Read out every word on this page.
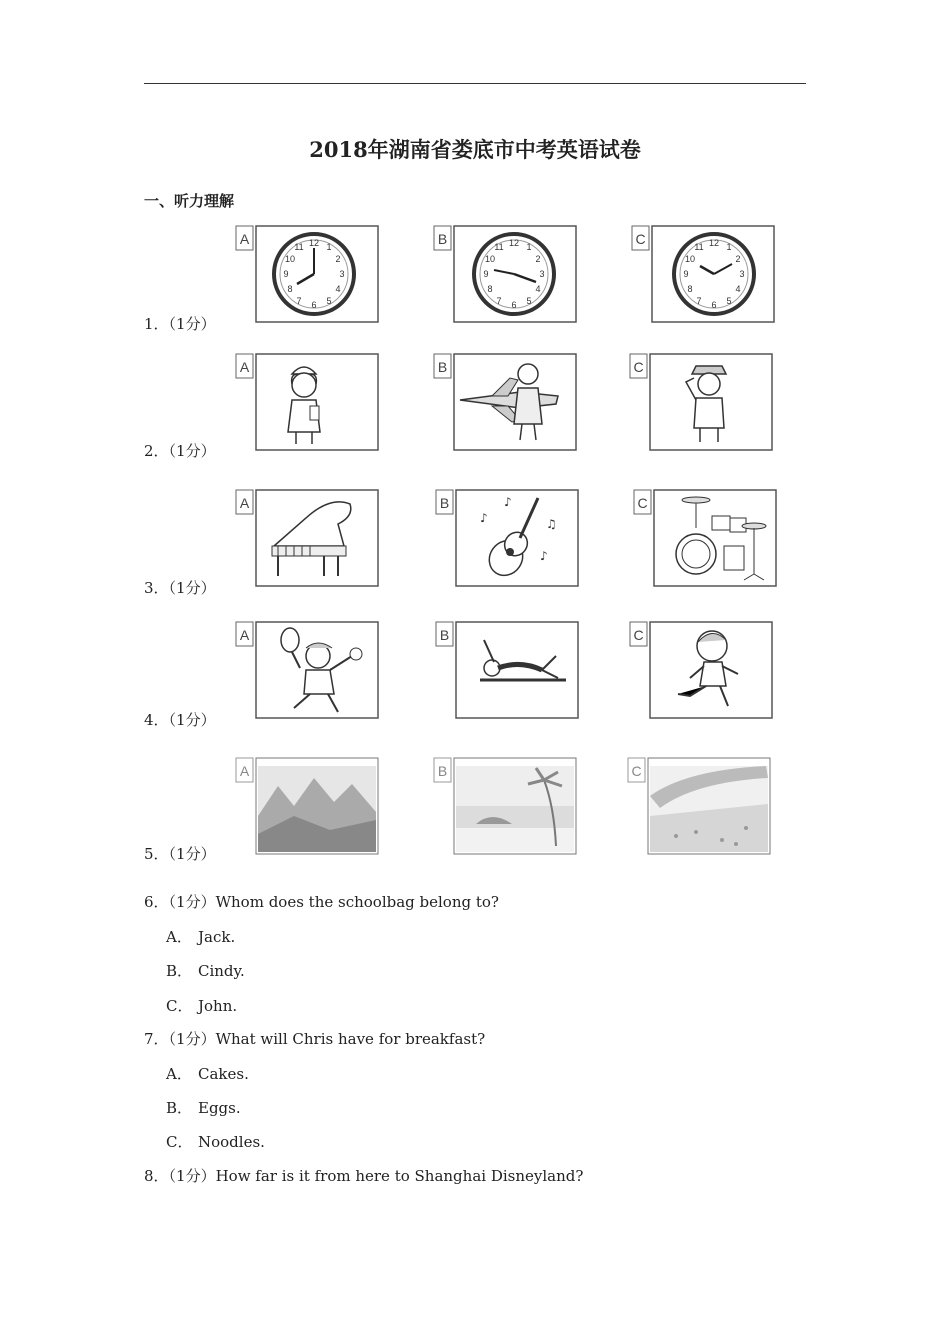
2018年湖南省娄底市中考英语试卷
一、听力理解
1．（1分）
2．（1分）
3．（1分）
4．（1分）
5．（1分）
A	12
3
6
9
1
2
4
5
7
8
10
11	B	12
3
6
9
1
2
4
5
7
8
10
11	C	12
3
6
9
1
2
4
5
7
8
10
11
A	B	C
A	B
♪
♪
♫
♪
C
A	B	C
A	B	C
6．（1分）Whom does the schoolbag belong to?
A． Jack.
B． Cindy.
C． John.
7．（1分）What will Chris have for breakfast?
A． Cakes.
B． Eggs.
C． Noodles.
8．（1分）How far is it from here to Shanghai Disneyland?
